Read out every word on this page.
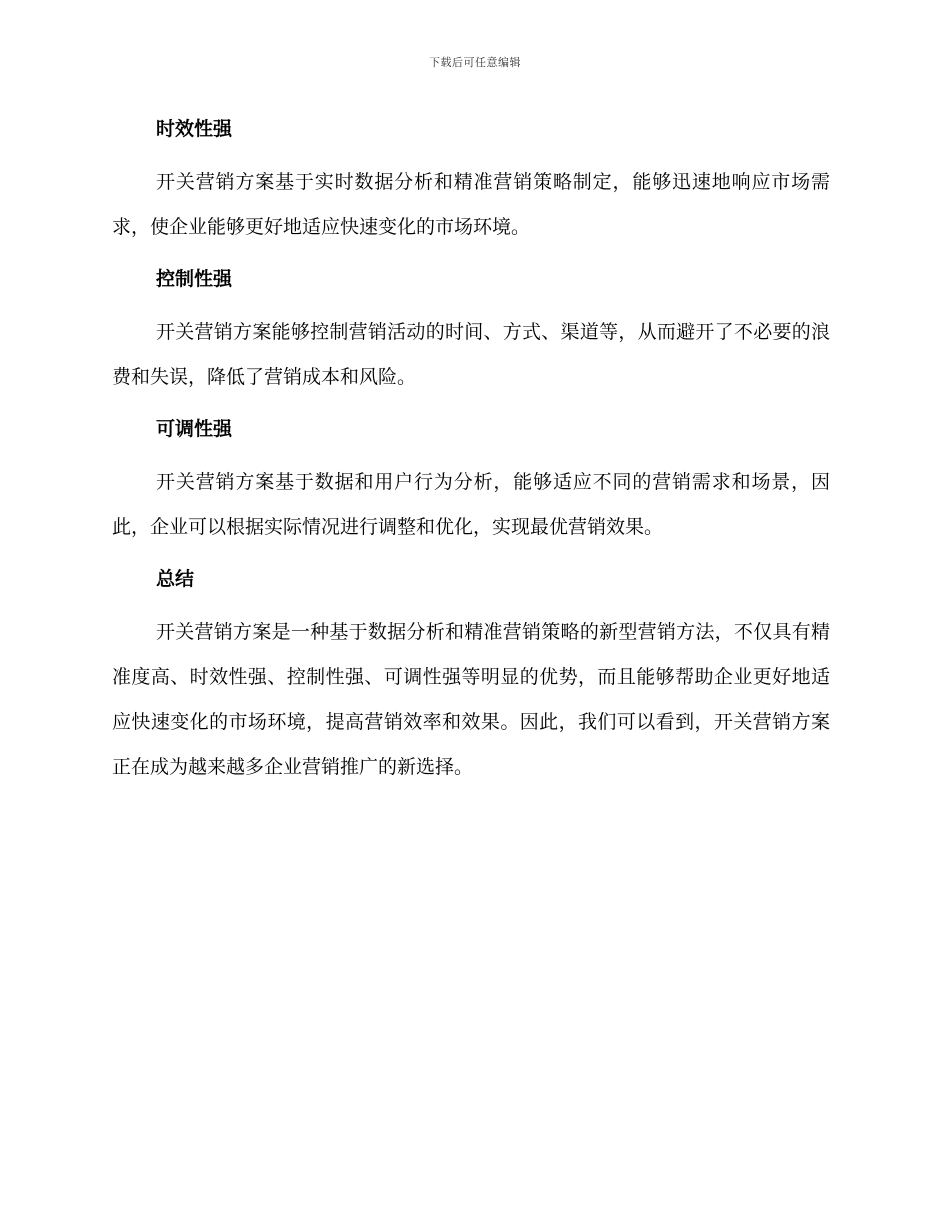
下载后可任意编辑
时效性强

开关营销方案基于实时数据分析和精准营销策略制定，能够迅速地响应市场需求，使企业能够更好地适应快速变化的市场环境。

控制性强

开关营销方案能够控制营销活动的时间、方式、渠道等，从而避开了不必要的浪费和失误，降低了营销成本和风险。

可调性强

开关营销方案基于数据和用户行为分析，能够适应不同的营销需求和场景，因此，企业可以根据实际情况进行调整和优化，实现最优营销效果。

总结

开关营销方案是一种基于数据分析和精准营销策略的新型营销方法，不仅具有精准度高、时效性强、控制性强、可调性强等明显的优势，而且能够帮助企业更好地适应快速变化的市场环境，提高营销效率和效果。因此，我们可以看到，开关营销方案正在成为越来越多企业营销推广的新选择。
